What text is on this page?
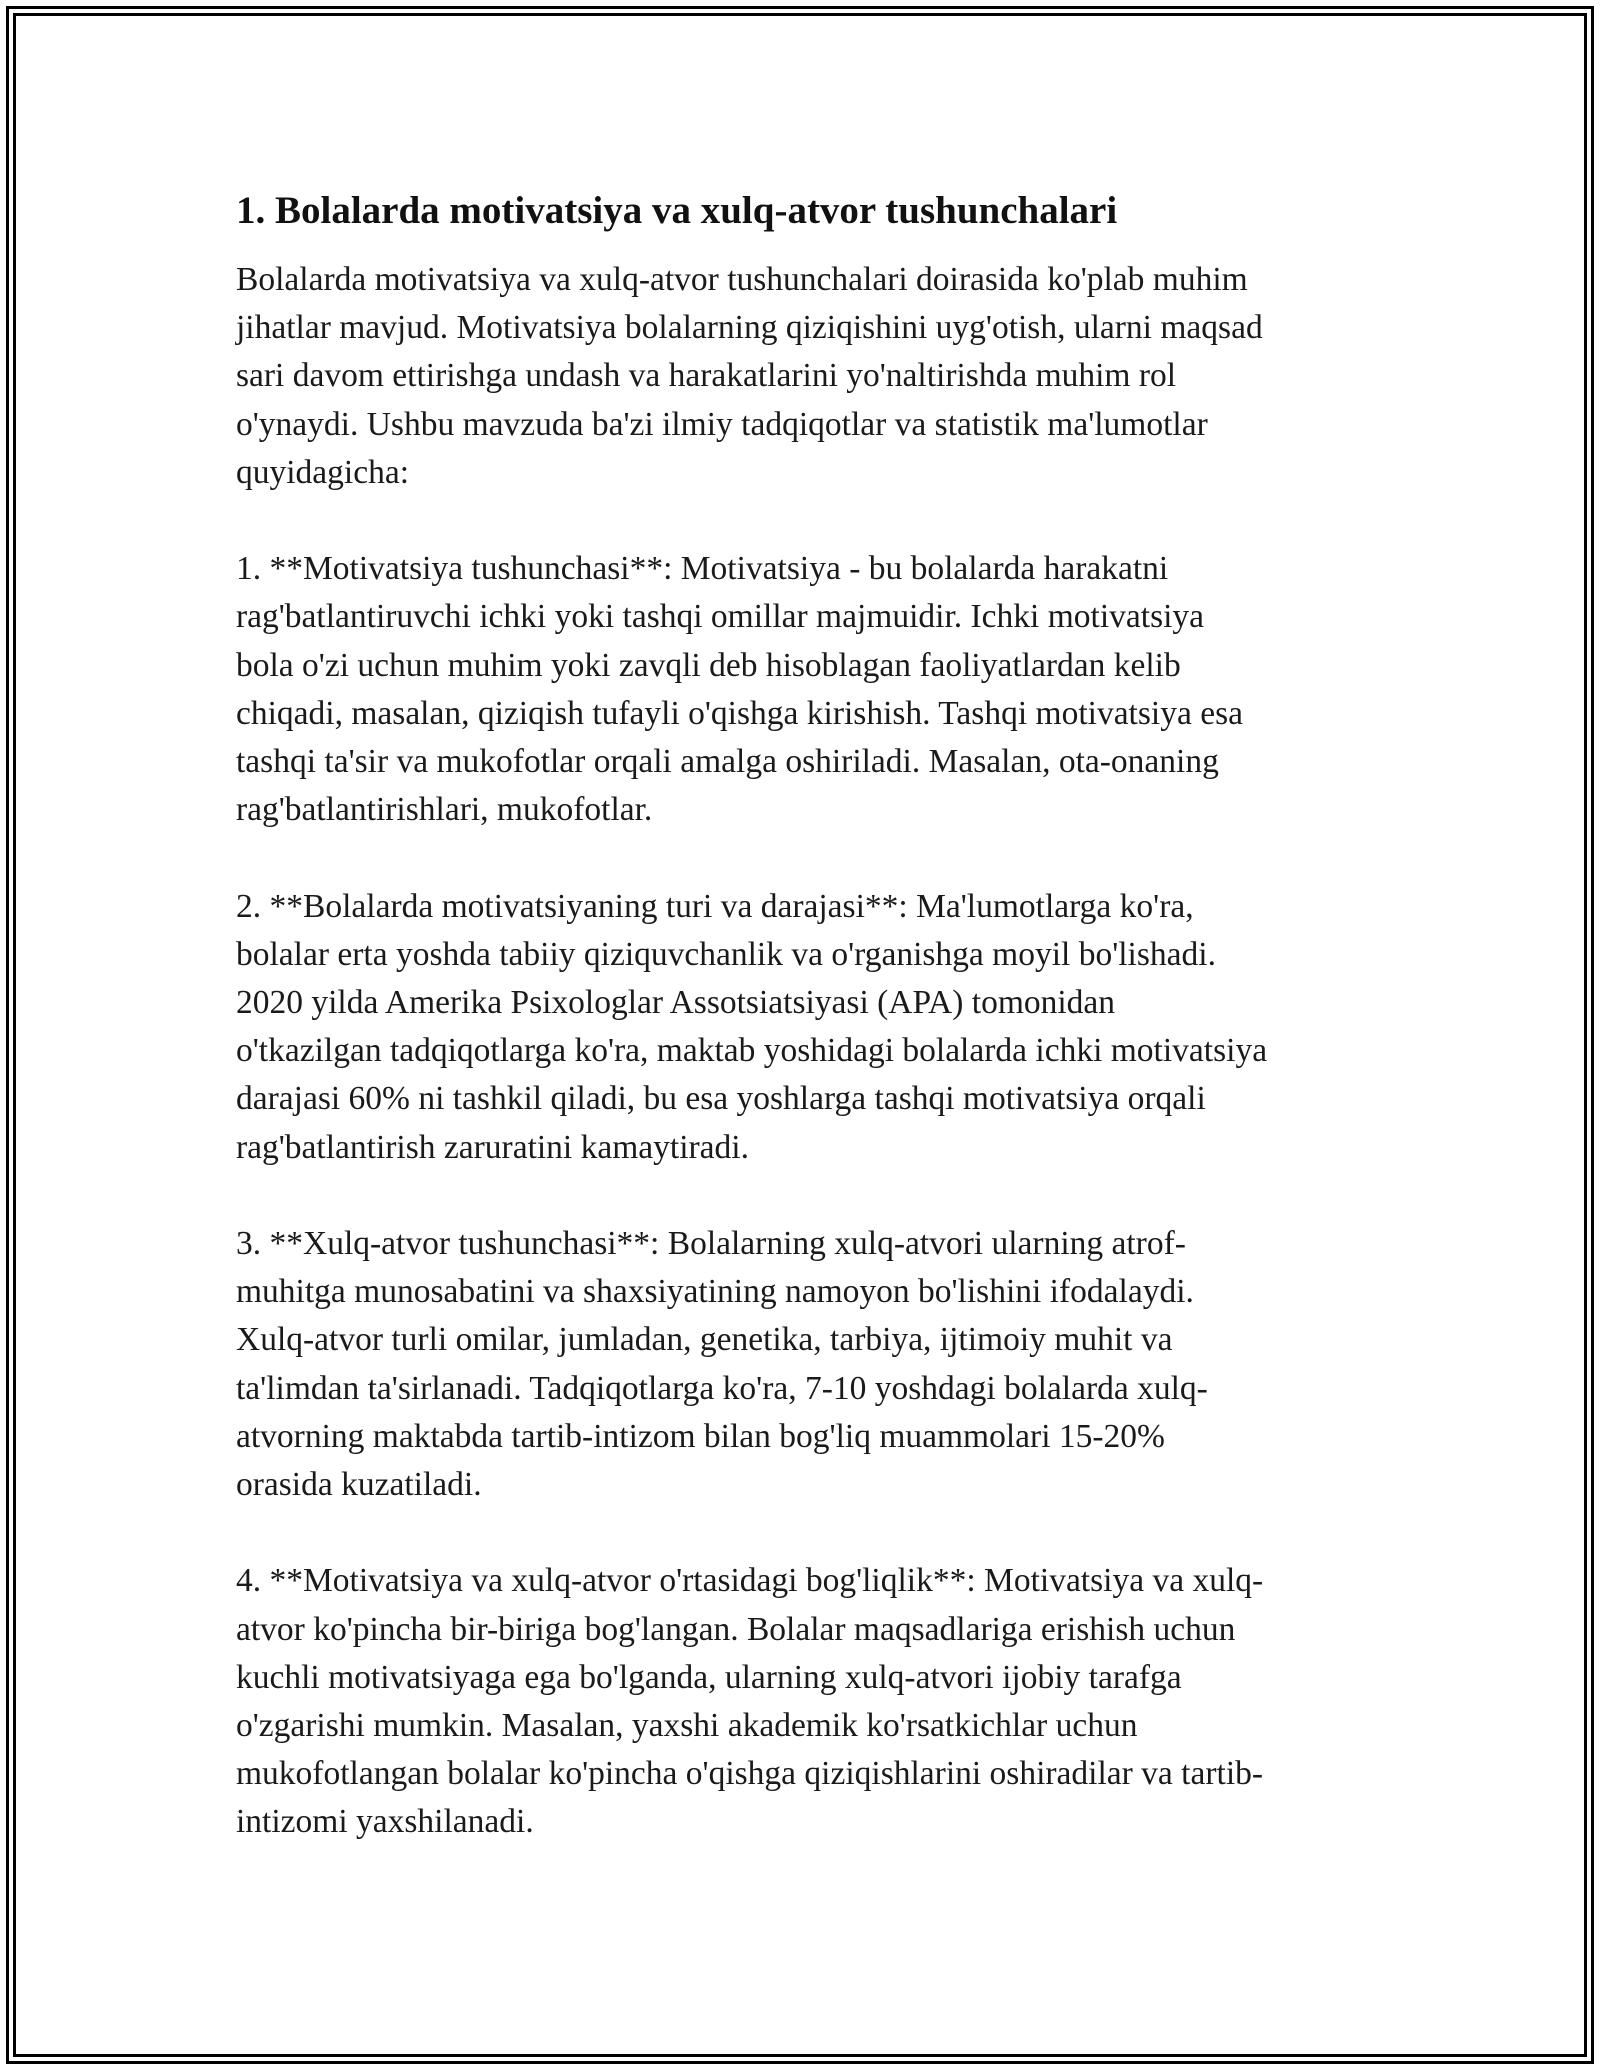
1. Bolalarda motivatsiya va xulq-atvor tushunchalari

Bolalarda motivatsiya va xulq-atvor tushunchalari doirasida ko'plab muhim
jihatlar mavjud. Motivatsiya bolalarning qiziqishini uyg'otish, ularni maqsad
sari davom ettirishga undash va harakatlarini yo'naltirishda muhim rol
o'ynaydi. Ushbu mavzuda ba'zi ilmiy tadqiqotlar va statistik ma'lumotlar
quyidagicha:

1. **Motivatsiya tushunchasi**: Motivatsiya - bu bolalarda harakatni
rag'batlantiruvchi ichki yoki tashqi omillar majmuidir. Ichki motivatsiya
bola o'zi uchun muhim yoki zavqli deb hisoblagan faoliyatlardan kelib
chiqadi, masalan, qiziqish tufayli o'qishga kirishish. Tashqi motivatsiya esa
tashqi ta'sir va mukofotlar orqali amalga oshiriladi. Masalan, ota-onaning
rag'batlantirishlari, mukofotlar.

2. **Bolalarda motivatsiyaning turi va darajasi**: Ma'lumotlarga ko'ra,
bolalar erta yoshda tabiiy qiziquvchanlik va o'rganishga moyil bo'lishadi.
2020 yilda Amerika Psixologlar Assotsiatsiyasi (APA) tomonidan
o'tkazilgan tadqiqotlarga ko'ra, maktab yoshidagi bolalarda ichki motivatsiya
darajasi 60% ni tashkil qiladi, bu esa yoshlarga tashqi motivatsiya orqali
rag'batlantirish zaruratini kamaytiradi.

3. **Xulq-atvor tushunchasi**: Bolalarning xulq-atvori ularning atrof-
muhitga munosabatini va shaxsiyatining namoyon bo'lishini ifodalaydi.
Xulq-atvor turli omilar, jumladan, genetika, tarbiya, ijtimoiy muhit va
ta'limdan ta'sirlanadi. Tadqiqotlarga ko'ra, 7-10 yoshdagi bolalarda xulq-
atvorning maktabda tartib-intizom bilan bog'liq muammolari 15-20%
orasida kuzatiladi.

4. **Motivatsiya va xulq-atvor o'rtasidagi bog'liqlik**: Motivatsiya va xulq-
atvor ko'pincha bir-biriga bog'langan. Bolalar maqsadlariga erishish uchun
kuchli motivatsiyaga ega bo'lganda, ularning xulq-atvori ijobiy tarafga
o'zgarishi mumkin. Masalan, yaxshi akademik ko'rsatkichlar uchun
mukofotlangan bolalar ko'pincha o'qishga qiziqishlarini oshiradilar va tartib-
intizomi yaxshilanadi.
